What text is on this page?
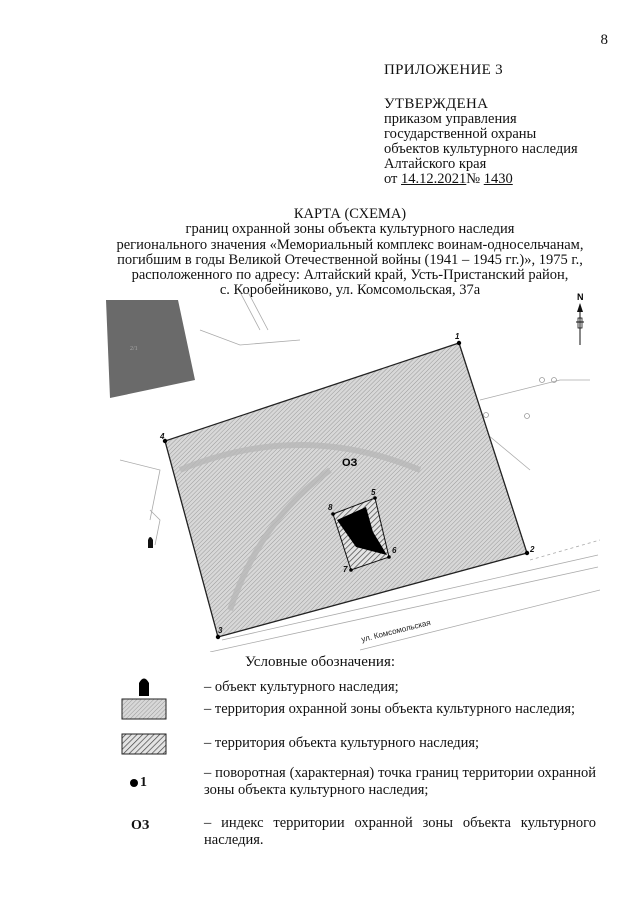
8
ПРИЛОЖЕНИЕ 3
УТВЕРЖДЕНА
приказом управления
государственной охраны
объектов культурного наследия
Алтайского края
от 14.12.2021№ 1430
КАРТА (СХЕМА)
границ охранной зоны объекта культурного наследия
регионального значения «Мемориальный комплекс воинам-односельчанам,
погибшим в годы Великой Отечественной войны (1941 – 1945 гг.)», 1975 г.,
расположенного по адресу: Алтайский край, Усть-Пристанский район,
с. Коробейниково, ул. Комсомольская, 37а
2/1
ОЗ
1
2
3
4
5
6
7
8
ул. Комсомольская
N
Условные обозначения:
– объект культурного наследия;
– территория охранной зоны объекта культурного наследия;
– территория объекта культурного наследия;
1
– поворотная (характерная) точка границ территории охранной зоны объекта культурного наследия;
ОЗ	– индекс территории охранной зоны объекта культурного наследия.
